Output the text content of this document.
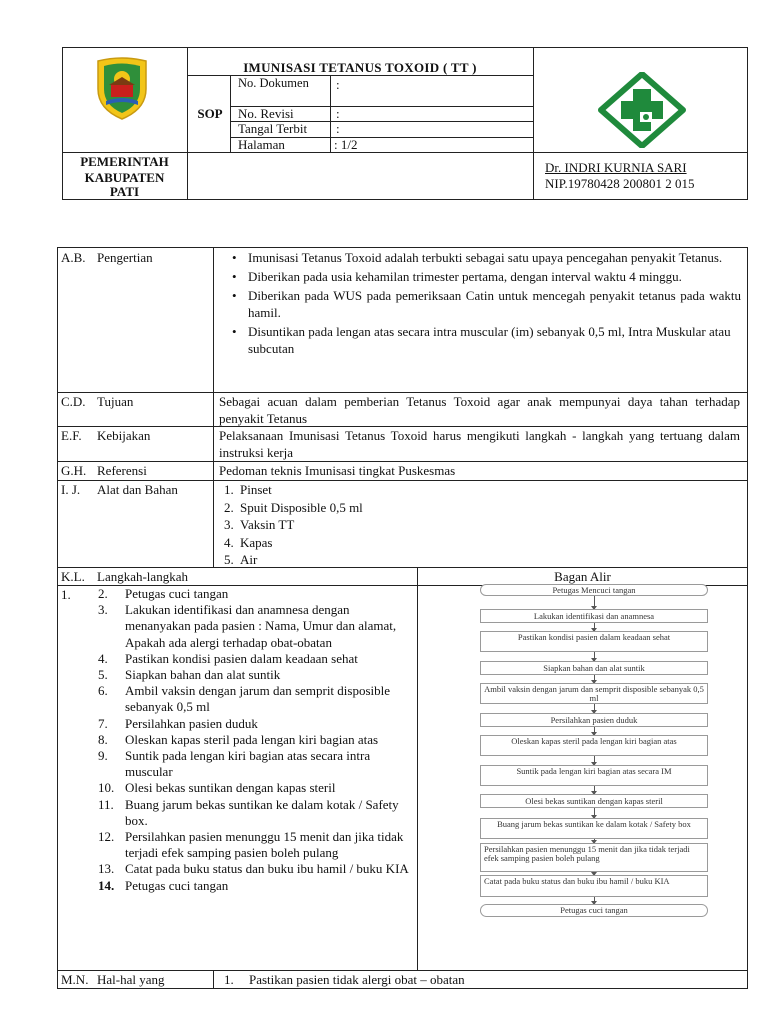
IMUNISASI TETANUS TOXOID ( TT )
SOP
No. Dokumen	:
No. Revisi	:
Tangal Terbit :
Halaman	: 1/2
PEMERINTAH
KABUPATEN
PATI
Dr. INDRI KURNIA SARI
NIP.19780428 200801 2 015
A.B. Pengertian
•	Imunisasi Tetanus Toxoid adalah terbukti sebagai satu upaya pencegahan penyakit Tetanus.
• Diberikan pada usia kehamilan trimester pertama, dengan interval waktu 4 minggu.
• Diberikan pada WUS pada pemeriksaan Catin untuk mencegah penyakit tetanus pada waktu hamil.
• Disuntikan pada lengan atas secara intra muscular (im) sebanyak 0,5 ml, Intra Muskular atau subcutan
C.D. Tujuan	Sebagai acuan dalam pemberian Tetanus Toxoid agar anak mempunyai daya tahan terhadap penyakit Tetanus
E.F. Kebijakan	Pelaksanaan Imunisasi Tetanus Toxoid harus mengikuti langkah - langkah yang tertuang dalam instruksi kerja
G.H. Referensi	Pedoman teknis Imunisasi tingkat Puskesmas
I. J. Alat dan Bahan	1. Pinset
2. Spuit Disposible 0,5 ml
3. Vaksin TT
4. Kapas
5. Air
K.L. Langkah-langkah	Bagan Alir
1. 2. Petugas cuci tangan
3. Lakukan identifikasi dan anamnesa dengan menanyakan pada pasien : Nama, Umur dan alamat, Apakah ada alergi terhadap obat-obatan
4. Pastikan kondisi pasien dalam keadaan sehat
5. Siapkan bahan dan alat suntik
6. Ambil vaksin dengan jarum dan semprit disposible sebanyak 0,5 ml
7. Persilahkan pasien duduk
8. Oleskan kapas steril pada lengan kiri bagian atas
9. Suntik pada lengan kiri bagian atas secara intra muscular
10. Olesi bekas suntikan dengan kapas steril
11. Buang jarum bekas suntikan ke dalam kotak / Safety box.
12. Persilahkan pasien menunggu 15 menit dan jika tidak terjadi efek samping pasien boleh pulang
13. Catat pada buku status dan buku ibu hamil / buku KIA
14. Petugas cuci tangan
Petugas Mencuci tangan
Lakukan identifikasi dan anamnesa
Pastikan kondisi pasien dalam keadaan sehat
Siapkan bahan dan alat suntik
Ambil vaksin dengan jarum dan semprit disposible sebanyak 0,5 ml
Persilahkan pasien duduk
Oleskan kapas steril pada lengan kiri bagian atas
Suntik pada lengan kiri bagian atas secara IM
Olesi bekas suntikan dengan kapas steril
Buang jarum bekas suntikan ke dalam kotak / Safety box
Persilahkan pasien menunggu 15 menit dan jika tidak terjadi efek samping pasien boleh pulang
Catat pada buku status dan buku ibu hamil / buku KIA
Petugas cuci tangan
M.N. Hal-hal yang	1. Pastikan pasien tidak alergi obat – obatan
